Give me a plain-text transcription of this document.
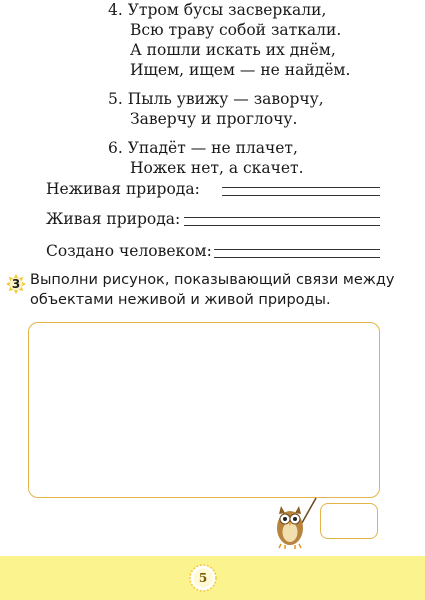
4. Утром бусы засверкали,
Всю траву собой заткали.
А пошли искать их днём,
Ищем, ищем — не найдём.
5. Пыль увижу — заворчу,
Заверчу и проглочу.
6. Упадёт — не плачет,
Ножек нет, а скачет.
Неживая природа:
Живая природа:
Создано человеком:
3 Выполни рисунок, показывающий связи между
объектами неживой и живой природы.
5
